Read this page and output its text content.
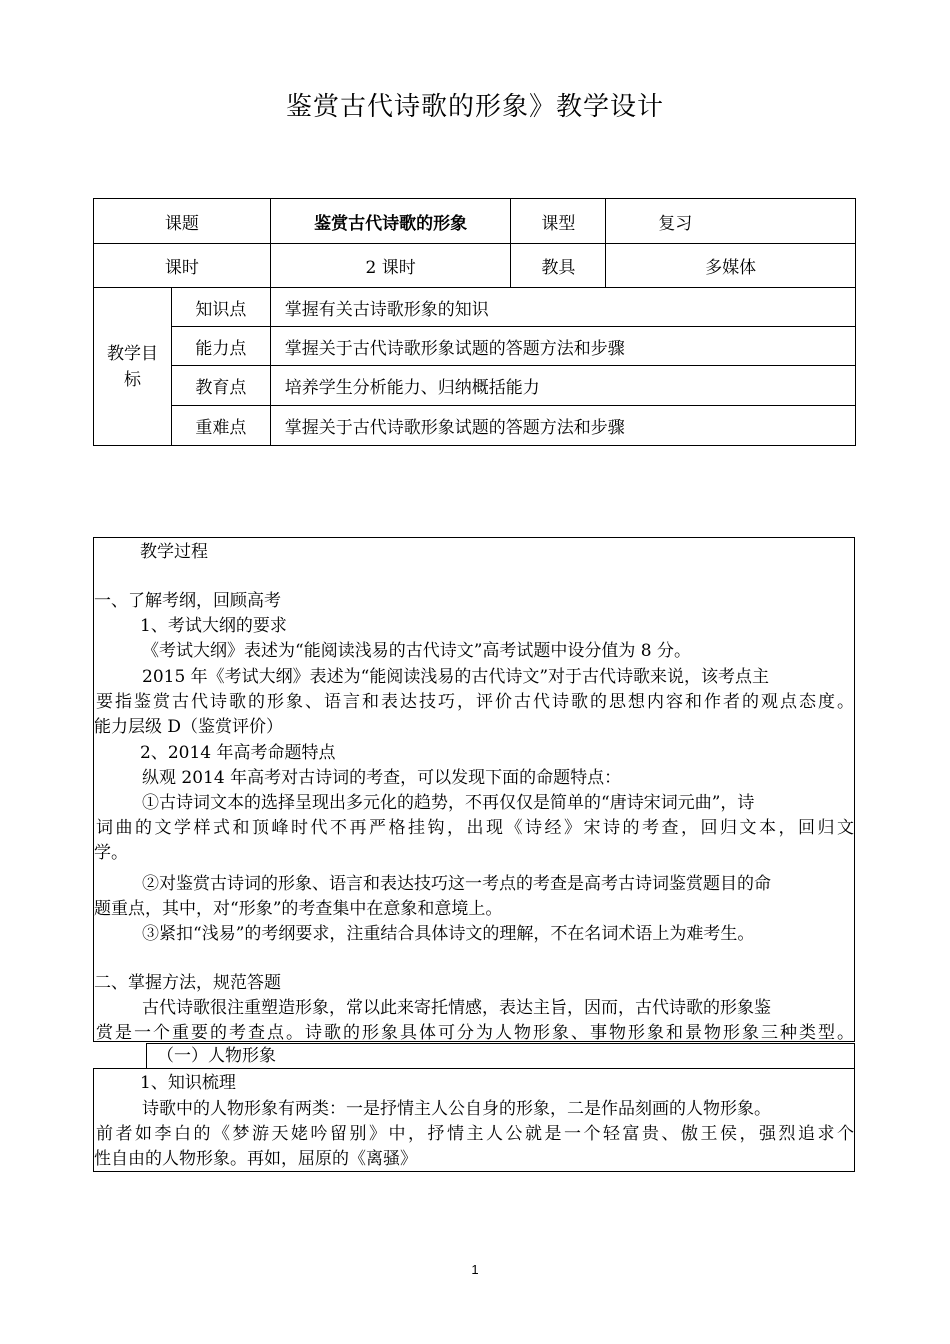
鉴赏古代诗歌的形象》教学设计
课题		鉴赏古代诗歌的形象	课型	复习
课时		2 课时	教具	多媒体
教学目标	知识点	掌握有关古诗歌形象的知识		
	能力点	掌握关于古代诗歌形象试题的答题方法和步骤		
	教育点	培养学生分析能力、归纳概括能力		
	重难点	掌握关于古代诗歌形象试题的答题方法和步骤		
教学过程
一、了解考纲，回顾高考
1、考试大纲的要求
《考试大纲》表述为“能阅读浅易的古代诗文”高考试题中设分值为 8 分。
2015 年《考试大纲》表述为“能阅读浅易的古代诗文”对于古代诗歌来说，该考点主
要指鉴赏古代诗歌的形象、语言和表达技巧，评价古代诗歌的思想内容和作者的观点态度。
能力层级 D（鉴赏评价）
2、2014 年高考命题特点
纵观 2014 年高考对古诗词的考查，可以发现下面的命题特点：
①古诗词文本的选择呈现出多元化的趋势，不再仅仅是简单的“唐诗宋词元曲”，诗
词曲的文学样式和顶峰时代不再严格挂钩，出现《诗经》宋诗的考查，回归文本，回归文
学。
②对鉴赏古诗词的形象、语言和表达技巧这一考点的考查是高考古诗词鉴赏题目的命
题重点，其中，对“形象”的考查集中在意象和意境上。
③紧扣“浅易”的考纲要求，注重结合具体诗文的理解，不在名词术语上为难考生。
二、掌握方法，规范答题
古代诗歌很注重塑造形象，常以此来寄托情感，表达主旨，因而，古代诗歌的形象鉴
赏是一个重要的考查点。诗歌的形象具体可分为人物形象、事物形象和景物形象三种类型。
（一）人物形象
1、知识梳理
诗歌中的人物形象有两类：一是抒情主人公自身的形象，二是作品刻画的人物形象。
前者如李白的《梦游天姥吟留别》中，抒情主人公就是一个轻富贵、傲王侯，强烈追求个
性自由的人物形象。再如，屈原的《离骚》
1
